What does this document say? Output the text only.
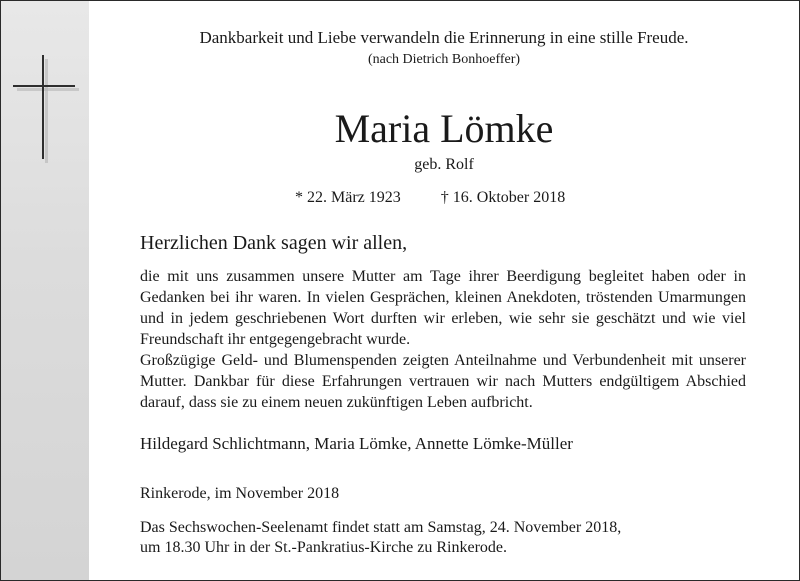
Dankbarkeit und Liebe verwandeln die Erinnerung in eine stille Freude.
(nach Dietrich Bonhoeffer)
Maria Lömke
geb. Rolf
* 22. März 1923	† 16. Oktober 2018
Herzlichen Dank sagen wir allen,

die mit uns zusammen unsere Mutter am Tage ihrer Beerdigung begleitet haben oder in Gedanken bei ihr waren. In vielen Gesprächen, kleinen Anekdoten, tröstenden Umarmungen und in jedem geschriebenen Wort durften wir erleben, wie sehr sie geschätzt und wie viel Freundschaft ihr entgegengebracht wurde.

Großzügige Geld- und Blumenspenden zeigten Anteilnahme und Verbundenheit mit unserer Mutter. Dankbar für diese Erfahrungen vertrauen wir nach Mutters endgültigem Abschied darauf, dass sie zu einem neuen zukünftigen Leben aufbricht.

Hildegard Schlichtmann, Maria Lömke, Annette Lömke-Müller
Rinkerode, im November 2018
Das Sechswochen-Seelenamt findet statt am Samstag, 24. November 2018,
um 18.30 Uhr in der St.-Pankratius-Kirche zu Rinkerode.
